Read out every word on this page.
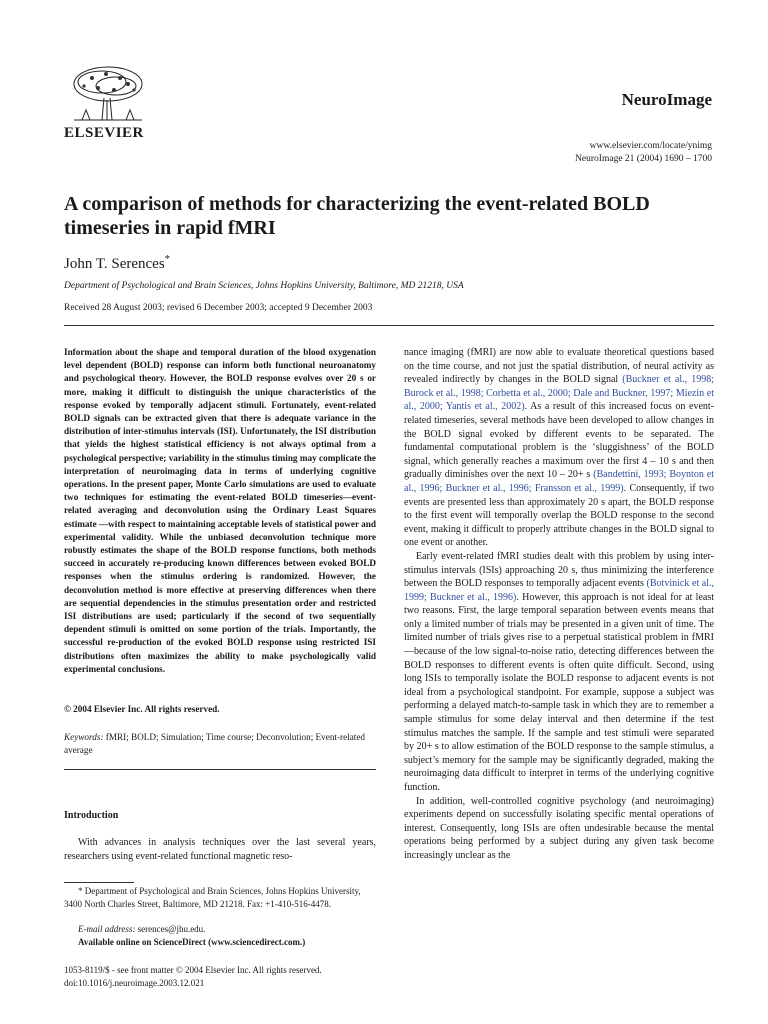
ELSEVIER
NeuroImage
www.elsevier.com/locate/ynimg
NeuroImage 21 (2004) 1690 – 1700
A comparison of methods for characterizing the event-related BOLD timeseries in rapid fMRI
John T. Serences*
Department of Psychological and Brain Sciences, Johns Hopkins University, Baltimore, MD 21218, USA
Received 28 August 2003; revised 6 December 2003; accepted 9 December 2003
Information about the shape and temporal duration of the blood oxygenation level dependent (BOLD) response can inform both functional neuroanatomy and psychological theory. However, the BOLD response evolves over 20 s or more, making it difficult to distinguish the unique characteristics of the response evoked by temporally adjacent stimuli. Fortunately, event-related BOLD signals can be extracted given that there is adequate variance in the distribution of inter-stimulus intervals (ISI). Unfortunately, the ISI distribution that yields the highest statistical efficiency is not always optimal from a psychological perspective; variability in the stimulus timing may complicate the interpretation of neuroimaging data in terms of underlying cognitive operations. In the present paper, Monte Carlo simulations are used to evaluate two techniques for estimating the event-related BOLD timeseries—event-related averaging and deconvolution using the Ordinary Least Squares estimate —with respect to maintaining acceptable levels of statistical power and experimental validity. While the unbiased deconvolution technique more robustly estimates the shape of the BOLD response functions, both methods succeed in accurately re-producing known differences between evoked BOLD responses when the stimulus ordering is randomized. However, the deconvolution method is more effective at preserving differences when there are sequential dependencies in the stimulus presentation order and restricted ISI distributions are used; particularly if the second of two sequentially dependent stimuli is omitted on some portion of the trials. Importantly, the successful re-production of the evoked BOLD response using restricted ISI distributions often maximizes the ability to make psychologically valid experimental conclusions.
© 2004 Elsevier Inc. All rights reserved.
Keywords: fMRI; BOLD; Simulation; Time course; Deconvolution; Event-related average
Introduction
With advances in analysis techniques over the last several years, researchers using event-related functional magnetic reso-
* Department of Psychological and Brain Sciences, Johns Hopkins University, 3400 North Charles Street, Baltimore, MD 21218. Fax: +1-410-516-4478.
E-mail address: serences@jhu.edu.
Available online on ScienceDirect (www.sciencedirect.com.)
1053-8119/$ - see front matter © 2004 Elsevier Inc. All rights reserved.
doi:10.1016/j.neuroimage.2003.12.021

nance imaging (fMRI) are now able to evaluate theoretical questions based on the time course, and not just the spatial distribution, of neural activity as revealed indirectly by changes in the BOLD signal (Buckner et al., 1998; Burock et al., 1998; Corbetta et al., 2000; Dale and Buckner, 1997; Miezin et al., 2000; Yantis et al., 2002). As a result of this increased focus on event-related timeseries, several methods have been developed to allow changes in the BOLD signal evoked by different events to be separated. The fundamental computational problem is the ‘sluggishness’ of the BOLD signal, which generally reaches a maximum over the first 4 – 10 s and then gradually diminishes over the next 10 – 20+ s (Bandettini, 1993; Boynton et al., 1996; Buckner et al., 1996; Fransson et al., 1999). Consequently, if two events are presented less than approximately 20 s apart, the BOLD response to the first event will temporally overlap the BOLD response to the second event, making it difficult to properly attribute changes in the BOLD signal to one event or another.

Early event-related fMRI studies dealt with this problem by using inter-stimulus intervals (ISIs) approaching 20 s, thus minimizing the interference between the BOLD responses to temporally adjacent events (Botvinick et al., 1999; Buckner et al., 1996). However, this approach is not ideal for at least two reasons. First, the large temporal separation between events means that only a limited number of trials may be presented in a given unit of time. The limited number of trials gives rise to a perpetual statistical problem in fMRI—because of the low signal-to-noise ratio, detecting differences between the BOLD responses to different events is often quite difficult. Second, using long ISIs to temporally isolate the BOLD response to adjacent events is not ideal from a psychological standpoint. For example, suppose a subject was performing a delayed match-to-sample task in which they are to remember a sample stimulus for some delay interval and then determine if the test stimulus matches the sample. If the sample and test stimuli were separated by 20+ s to allow estimation of the BOLD response to the sample stimulus, a subject’s memory for the sample may be significantly degraded, making the neuroimaging data difficult to interpret in terms of the underlying cognitive function.

In addition, well-controlled cognitive psychology (and neuroimaging) experiments depend on successfully isolating specific mental operations of interest. Consequently, long ISIs are often undesirable because the mental operations being performed by a subject during any given task become increasingly unclear as the
